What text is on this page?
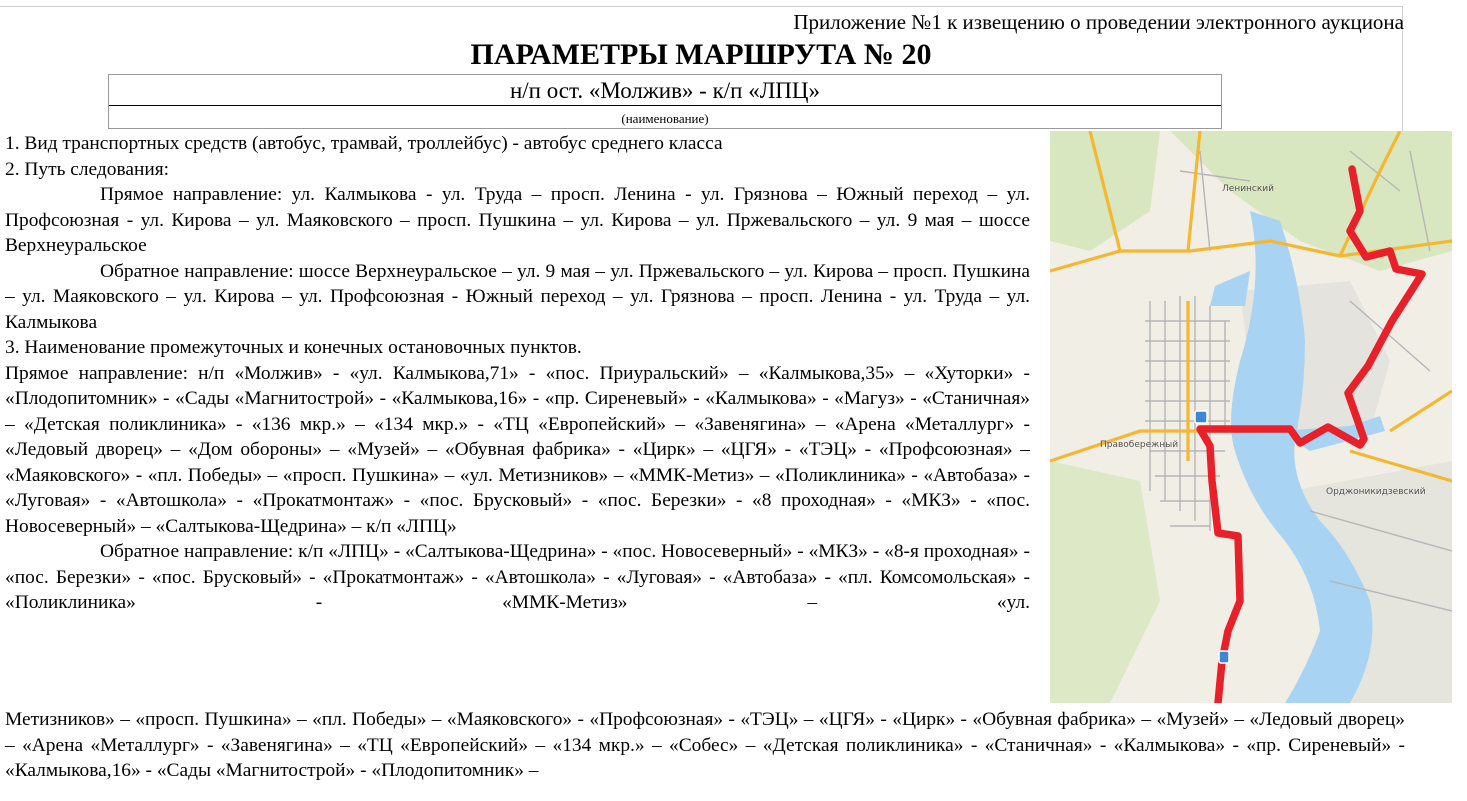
Приложение №1 к извещению о проведении электронного аукциона
ПАРАМЕТРЫ МАРШРУТА № 20
н/п ост. «Молжив» - к/п «ЛПЦ»
(наименование)

1. Вид транспортных средств (автобус, трамвай, троллейбус) - автобус среднего класса

2. Путь следования:

Прямое направление: ул. Калмыкова - ул. Труда – просп. Ленина - ул. Грязнова – Южный переход – ул. Профсоюзная - ул. Кирова – ул. Маяковского – просп. Пушкина – ул. Кирова – ул. Пржевальского – ул. 9 мая – шоссе Верхнеуральское

Обратное направление: шоссе Верхнеуральское – ул. 9 мая – ул. Пржевальского – ул. Кирова – просп. Пушкина – ул. Маяковского – ул. Кирова – ул. Профсоюзная - Южный переход – ул. Грязнова – просп. Ленина - ул. Труда – ул. Калмыкова

3. Наименование промежуточных и конечных остановочных пунктов.

Прямое направление: н/п «Молжив» - «ул. Калмыкова,71» - «пос. Приуральский» – «Калмыкова,35» – «Хуторки» - «Плодопитомник» - «Сады «Магнитострой» - «Калмыкова,16» - «пр. Сиреневый» - «Калмыкова» - «Магуз» - «Станичная» – «Детская поликлиника» - «136 мкр.» – «134 мкр.» - «ТЦ «Европейский» – «Завенягина» – «Арена «Металлург» - «Ледовый дворец» – «Дом обороны» – «Музей» – «Обувная фабрика» - «Цирк» – «ЦГЯ» - «ТЭЦ» - «Профсоюзная» – «Маяковского» - «пл. Победы» – «просп. Пушкина» – «ул. Метизников» – «ММК-Метиз» – «Поликлиника» - «Автобаза» - «Луговая» - «Автошкола» - «Прокатмонтаж» - «пос. Брусковый» - «пос. Березки» - «8 проходная» - «МКЗ» - «пос. Новосеверный» – «Салтыкова-Щедрина» – к/п «ЛПЦ»

Обратное направление: к/п «ЛПЦ» - «Салтыкова-Щедрина» - «пос. Новосеверный» - «МКЗ» - «8-я проходная» - «пос. Березки» - «пос. Брусковый» - «Прокатмонтаж» - «Автошкола» - «Луговая» - «Автобаза» - «пл. Комсомольская» - «Поликлиника» - «ММК-Метиз» – «ул.

Метизников» – «просп. Пушкина» – «пл. Победы» – «Маяковского» - «Профсоюзная» - «ТЭЦ» – «ЦГЯ» - «Цирк» - «Обувная фабрика» – «Музей» – «Ледовый дворец» – «Арена «Металлург» - «Завенягина» – «ТЦ «Европейский» – «134 мкр.» – «Собес» – «Детская поликлиника» - «Станичная» - «Калмыкова» - «пр. Сиреневый» - «Калмыкова,16» - «Сады «Магнитострой» - «Плодопитомник» –

Ленинский
Правобережный
Орджоникидзевский
